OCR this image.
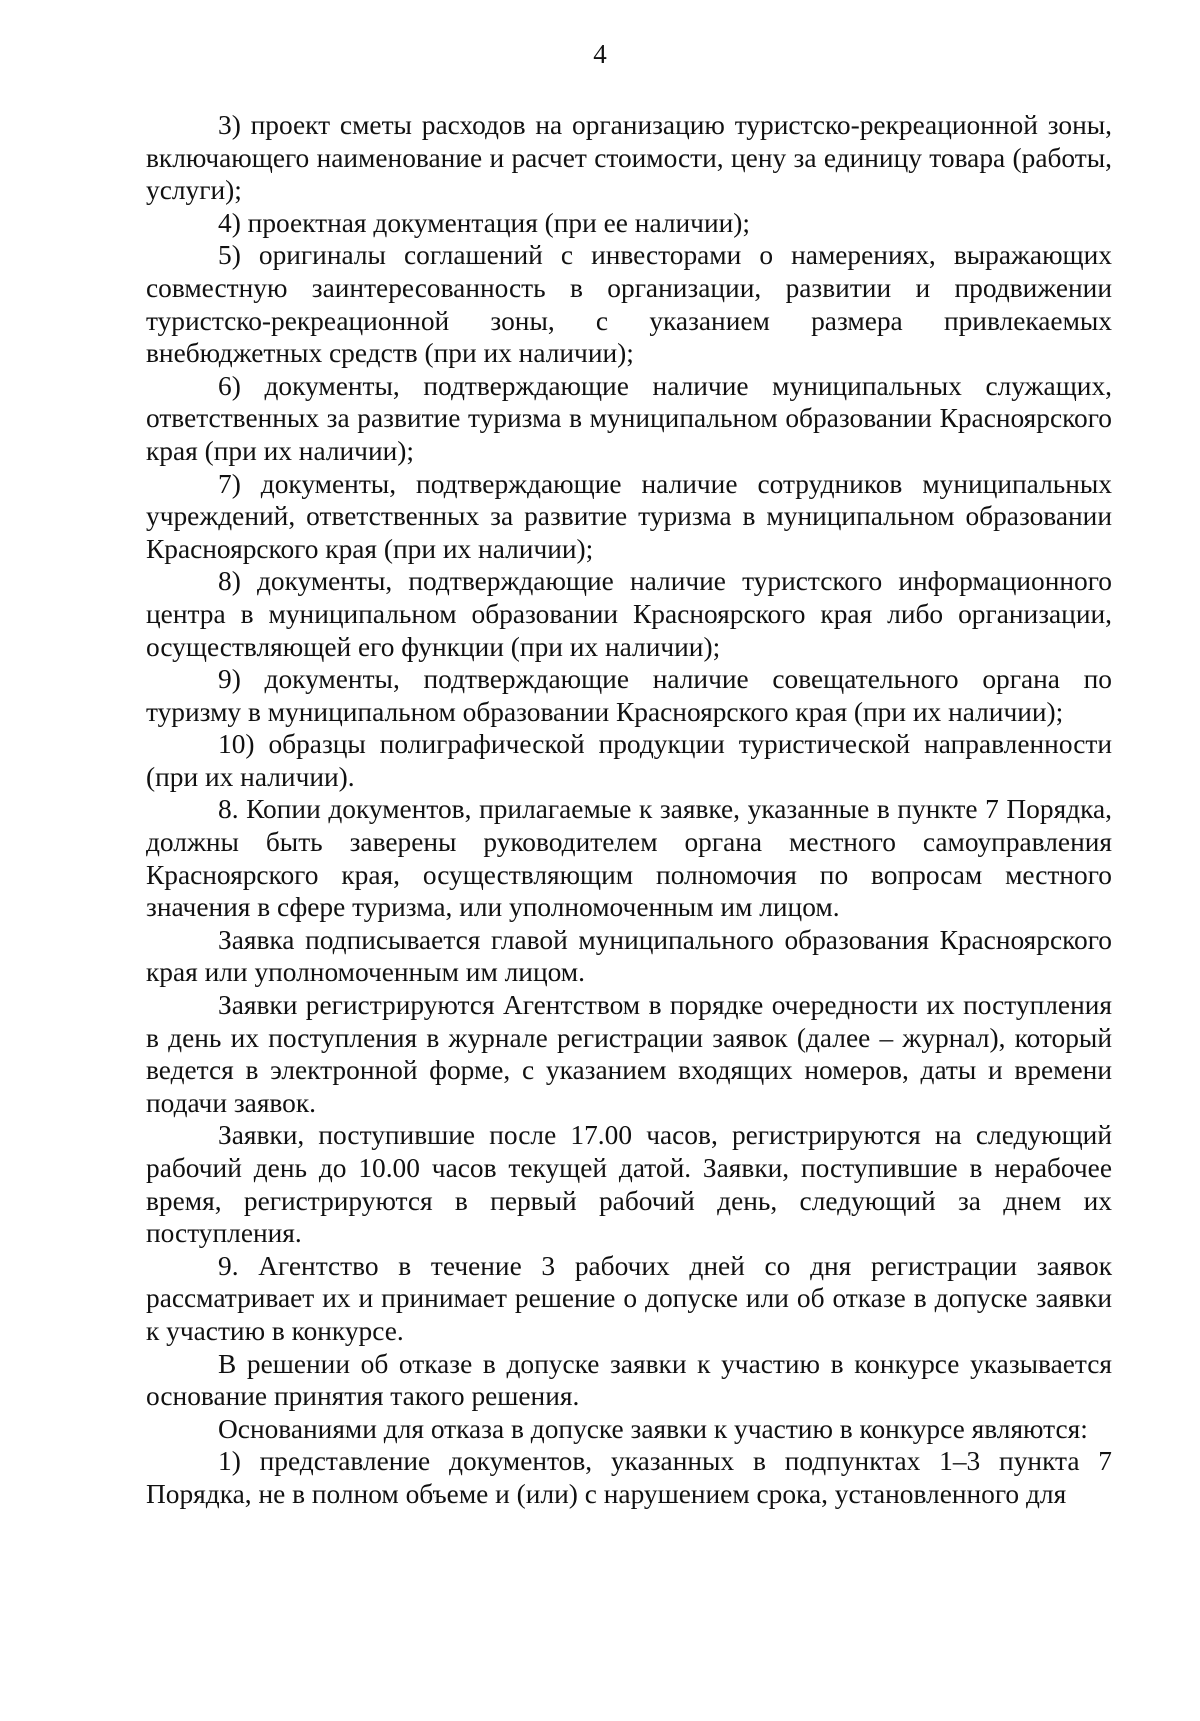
4

3) проект сметы расходов на организацию туристско-рекреационной зоны, включающего наименование и расчет стоимости, цену за единицу товара (работы, услуги);

4) проектная документация (при ее наличии);

5) оригиналы соглашений с инвесторами о намерениях, выражающих совместную заинтересованность в организации, развитии и продвижении туристско-рекреационной зоны, с указанием размера привлекаемых внебюджетных средств (при их наличии);

6) документы, подтверждающие наличие муниципальных служащих, ответственных за развитие туризма в муниципальном образовании Красноярского края (при их наличии);

7) документы, подтверждающие наличие сотрудников муниципальных учреждений, ответственных за развитие туризма в муниципальном образовании Красноярского края (при их наличии);

8) документы, подтверждающие наличие туристского информационного центра в муниципальном образовании Красноярского края либо организации, осуществляющей его функции (при их наличии);

9) документы, подтверждающие наличие совещательного органа по туризму в муниципальном образовании Красноярского края (при их наличии);

10) образцы полиграфической продукции туристической направленности (при их наличии).

8. Копии документов, прилагаемые к заявке, указанные в пункте 7 Порядка, должны быть заверены руководителем органа местного самоуправления Красноярского края, осуществляющим полномочия по вопросам местного значения в сфере туризма, или уполномоченным им лицом.

Заявка подписывается главой муниципального образования Красноярского края или уполномоченным им лицом.

Заявки регистрируются Агентством в порядке очередности их поступления в день их поступления в журнале регистрации заявок (далее – журнал), который ведется в электронной форме, с указанием входящих номеров, даты и времени подачи заявок.

Заявки, поступившие после 17.00 часов, регистрируются на следующий рабочий день до 10.00 часов текущей датой. Заявки, поступившие в нерабочее время, регистрируются в первый рабочий день, следующий за днем их поступления.

9. Агентство в течение 3 рабочих дней со дня регистрации заявок рассматривает их и принимает решение о допуске или об отказе в допуске заявки к участию в конкурсе.

В решении об отказе в допуске заявки к участию в конкурсе указывается основание принятия такого решения.

Основаниями для отказа в допуске заявки к участию в конкурсе являются:

1) представление документов, указанных в подпунктах 1–3 пункта 7 Порядка, не в полном объеме и (или) с нарушением срока, установленного для
